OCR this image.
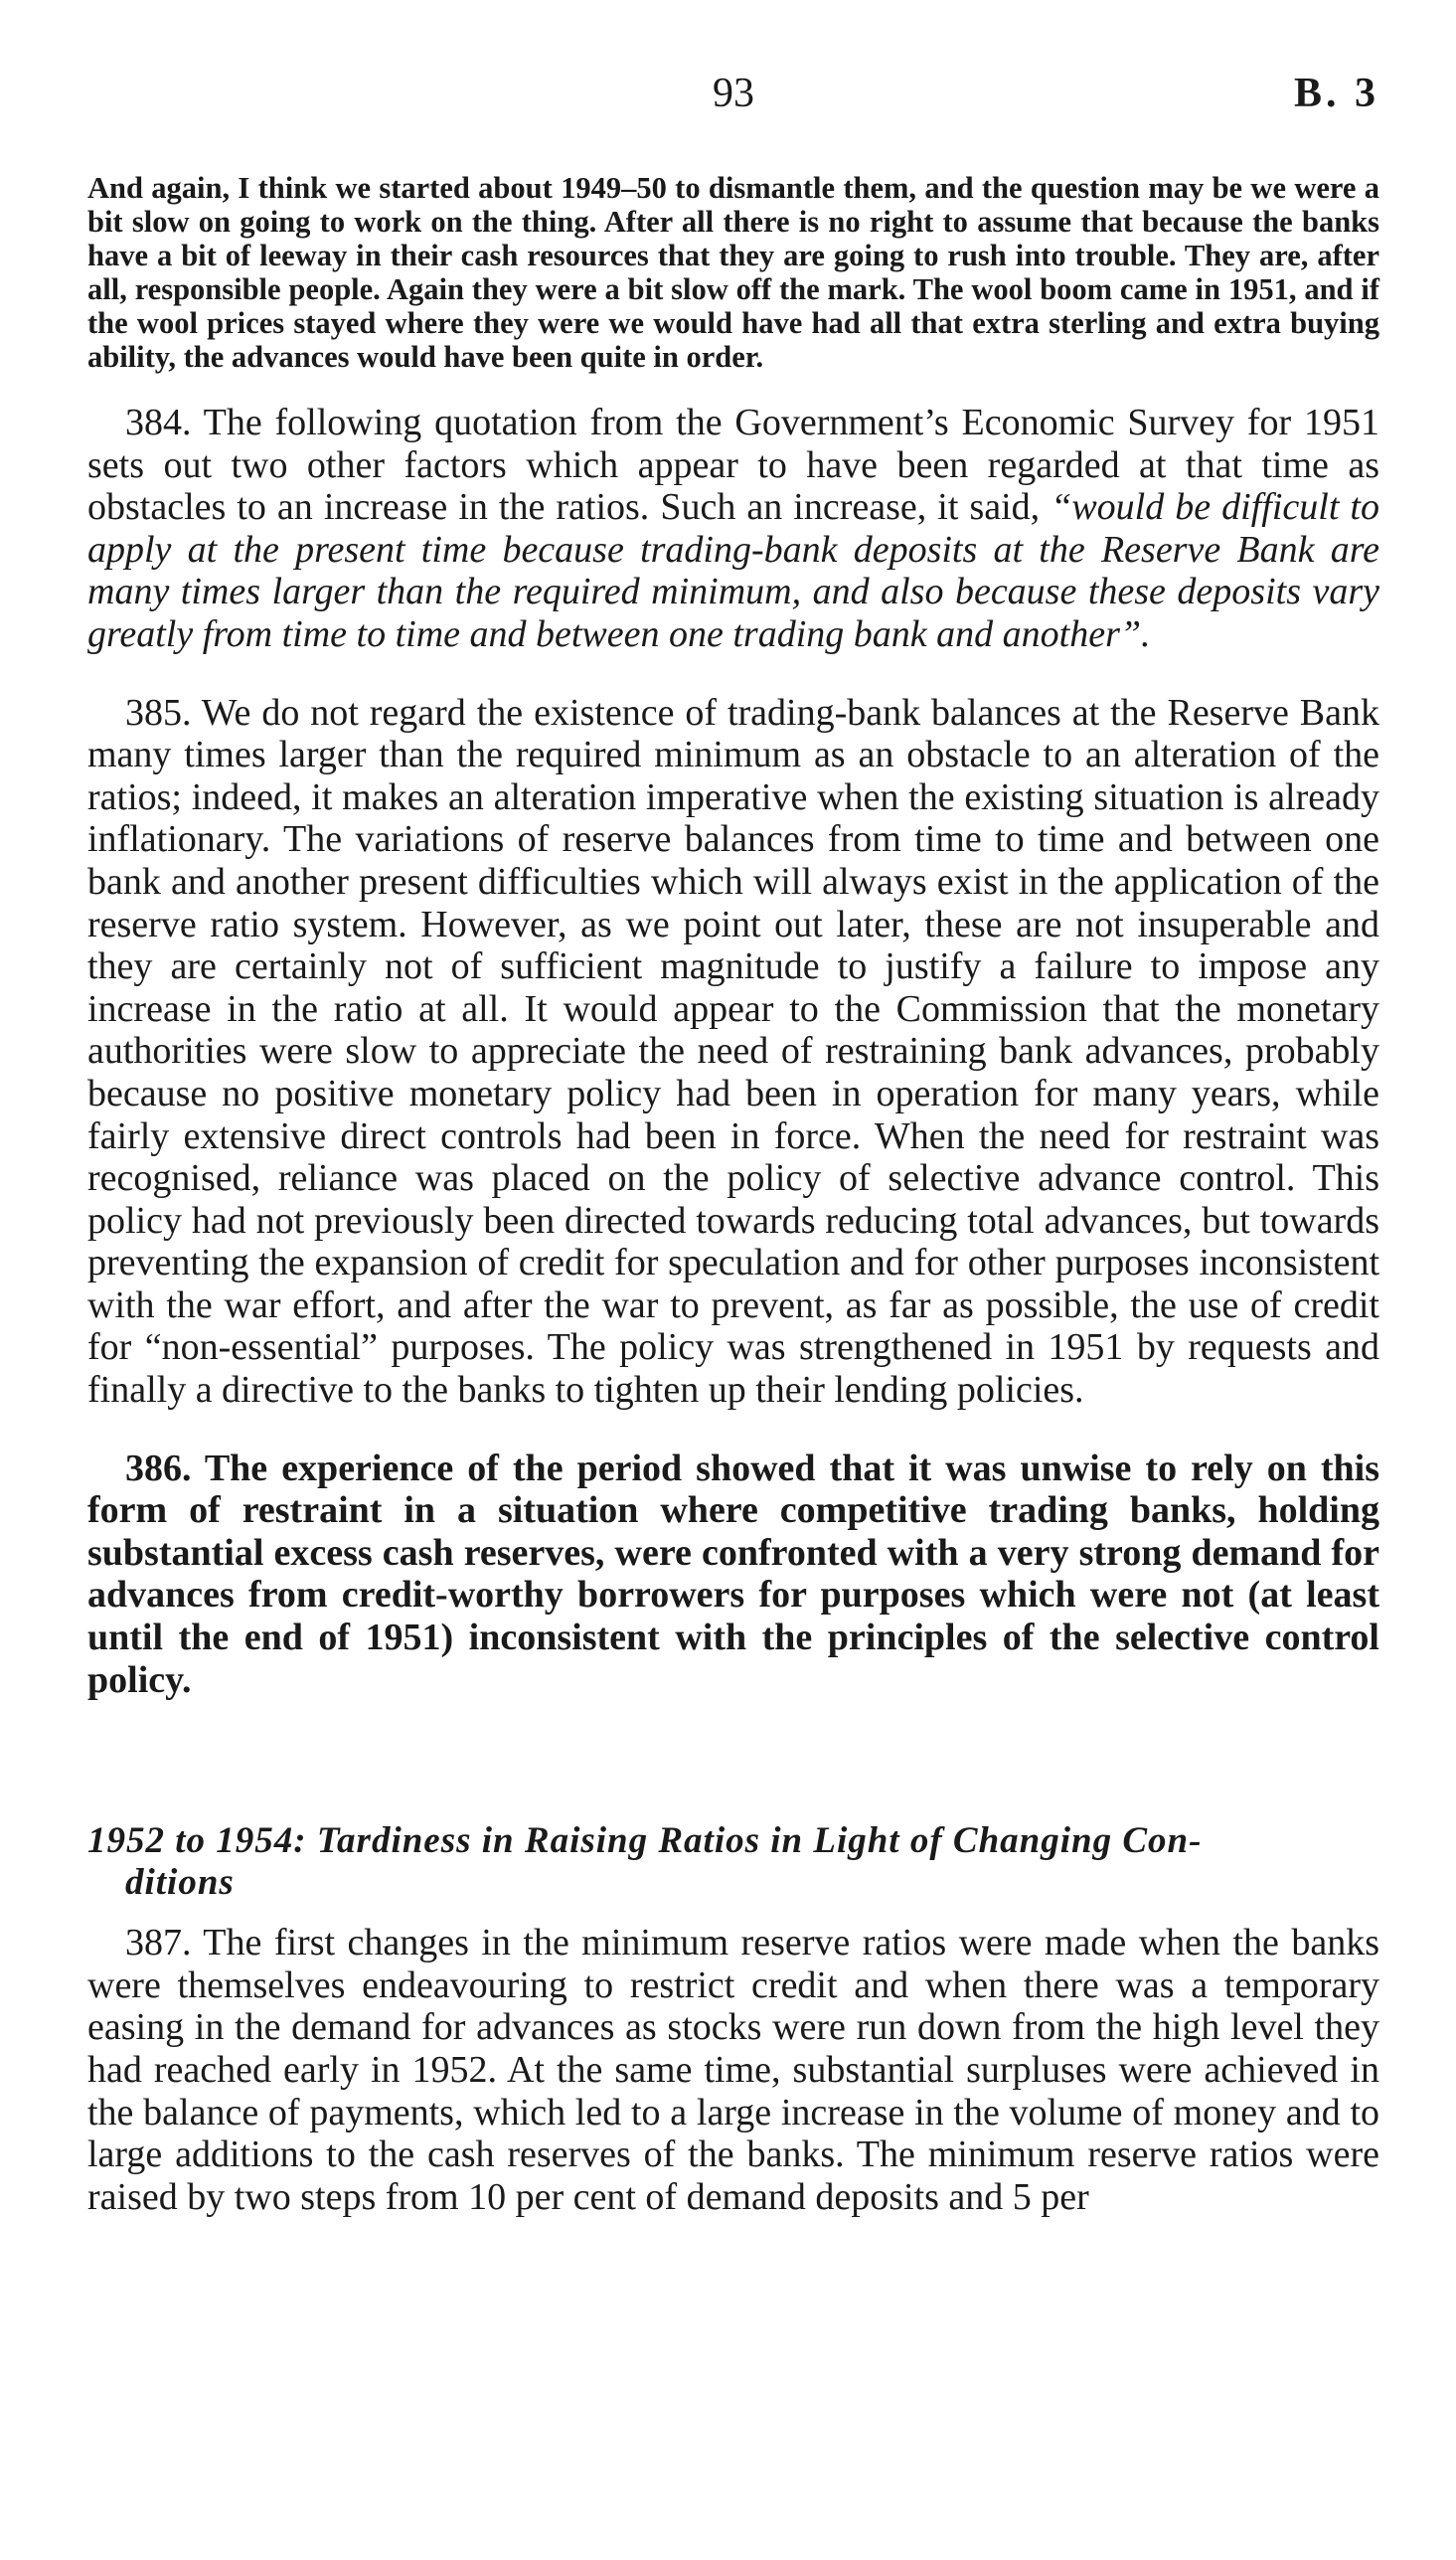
93	B. 3

And again, I think we started about 1949–50 to dismantle them, and the question may be we were a bit slow on going to work on the thing. After all there is no right to assume that because the banks have a bit of leeway in their cash resources that they are going to rush into trouble. They are, after all, responsible people. Again they were a bit slow off the mark. The wool boom came in 1951, and if the wool prices stayed where they were we would have had all that extra sterling and extra buying ability, the advances would have been quite in order.

384. The following quotation from the Government’s Economic Survey for 1951 sets out two other factors which appear to have been regarded at that time as obstacles to an increase in the ratios. Such an increase, it said, “would be difficult to apply at the present time because trading-bank deposits at the Reserve Bank are many times larger than the required minimum, and also because these deposits vary greatly from time to time and between one trading bank and another”.

385. We do not regard the existence of trading-bank balances at the Reserve Bank many times larger than the required minimum as an obstacle to an alteration of the ratios; indeed, it makes an alteration imperative when the existing situation is already inflationary. The variations of reserve balances from time to time and between one bank and another present difficulties which will always exist in the application of the reserve ratio system. However, as we point out later, these are not insuperable and they are certainly not of sufficient magnitude to justify a failure to impose any increase in the ratio at all. It would appear to the Commission that the monetary authorities were slow to appreciate the need of restraining bank advances, probably because no positive monetary policy had been in operation for many years, while fairly extensive direct controls had been in force. When the need for restraint was recognised, reliance was placed on the policy of selective advance control. This policy had not previously been directed towards reducing total advances, but towards preventing the expansion of credit for speculation and for other purposes inconsistent with the war effort, and after the war to prevent, as far as possible, the use of credit for “non-essential” purposes. The policy was strengthened in 1951 by requests and finally a directive to the banks to tighten up their lending policies.

386. The experience of the period showed that it was unwise to rely on this form of restraint in a situation where competitive trading banks, holding substantial excess cash reserves, were confronted with a very strong demand for advances from credit-worthy borrowers for purposes which were not (at least until the end of 1951) inconsistent with the principles of the selective control policy.

1952 to 1954: Tardiness in Raising Ratios in Light of Changing Con-
ditions

387. The first changes in the minimum reserve ratios were made when the banks were themselves endeavouring to restrict credit and when there was a temporary easing in the demand for advances as stocks were run down from the high level they had reached early in 1952. At the same time, substantial surpluses were achieved in the balance of payments, which led to a large increase in the volume of money and to large additions to the cash reserves of the banks. The minimum reserve ratios were raised by two steps from 10 per cent of demand deposits and 5 per
